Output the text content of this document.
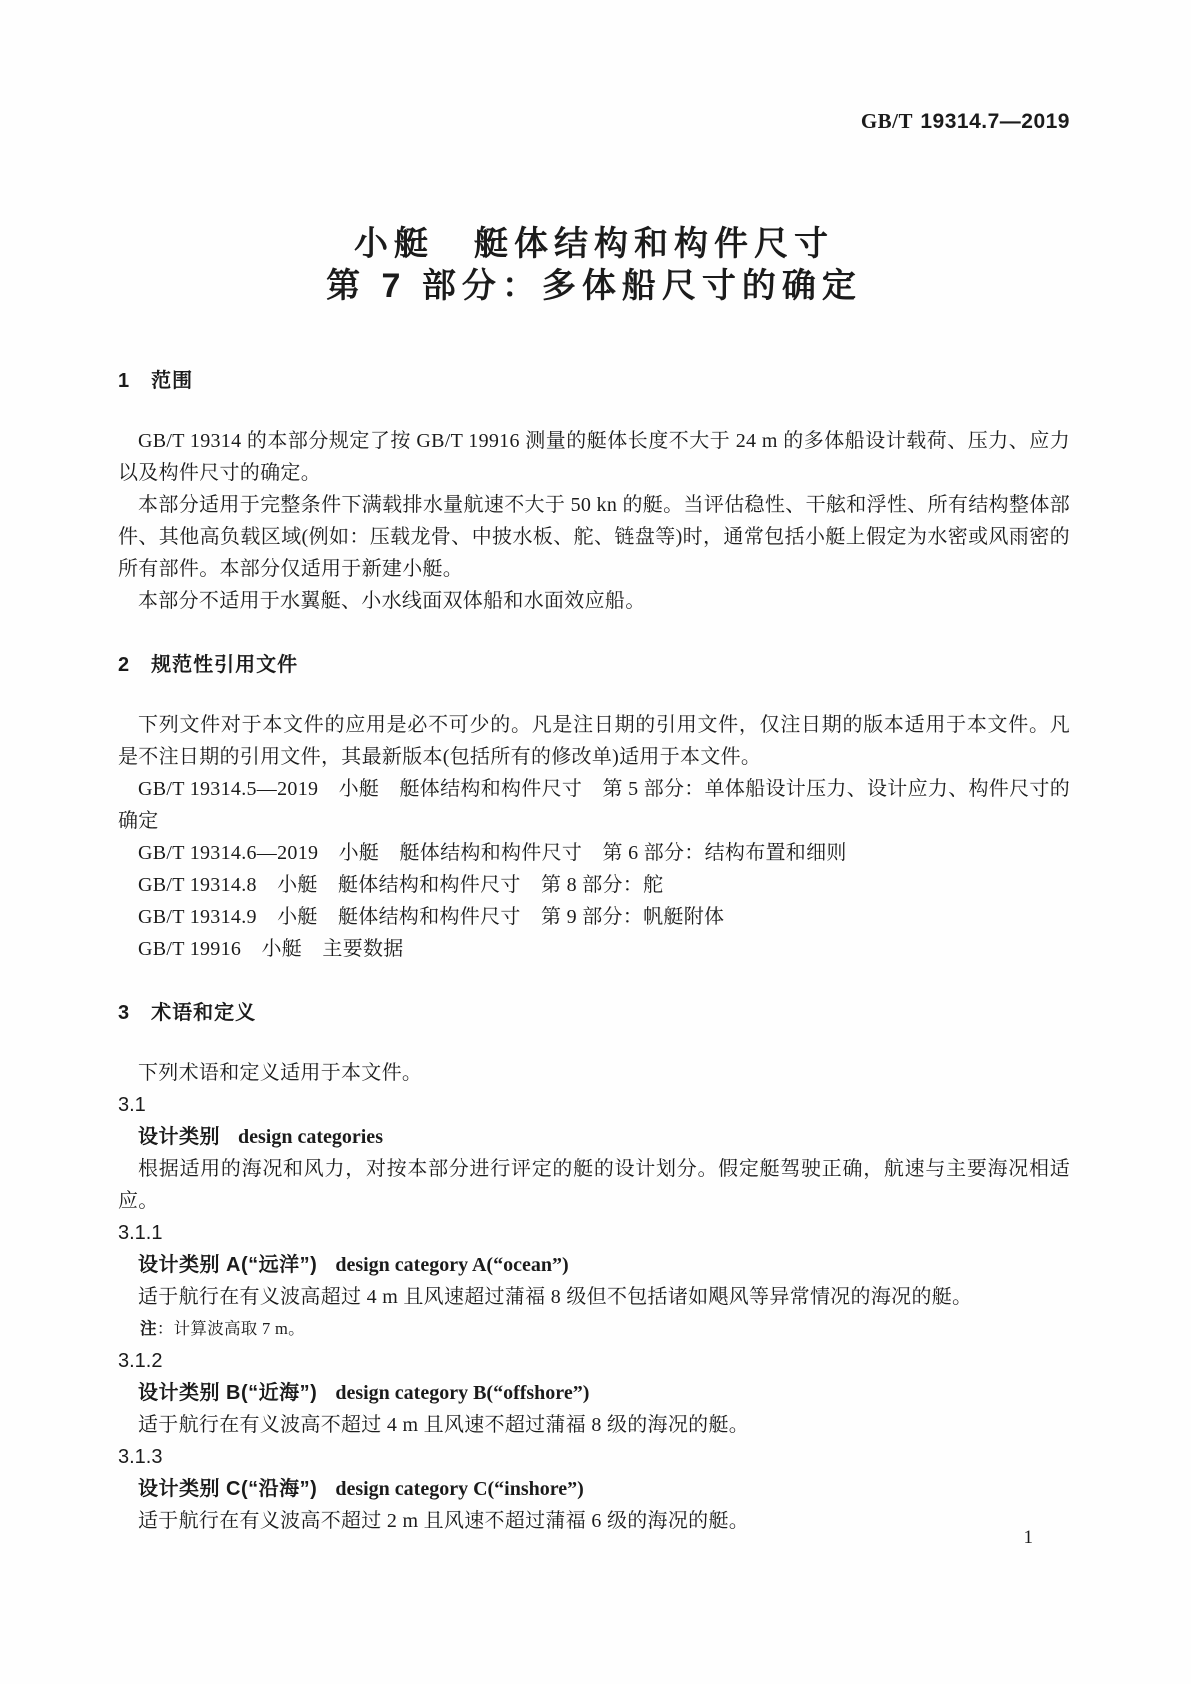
GB/T 19314.7—2019
小艇　艇体结构和构件尺寸
第 7 部分：多体船尺寸的确定
1 范围

GB/T 19314 的本部分规定了按 GB/T 19916 测量的艇体长度不大于 24 m 的多体船设计载荷、压力、应力以及构件尺寸的确定。

本部分适用于完整条件下满载排水量航速不大于 50 kn 的艇。当评估稳性、干舷和浮性、所有结构整体部件、其他高负载区域(例如：压载龙骨、中披水板、舵、链盘等)时，通常包括小艇上假定为水密或风雨密的所有部件。本部分仅适用于新建小艇。

本部分不适用于水翼艇、小水线面双体船和水面效应船。

2 规范性引用文件

下列文件对于本文件的应用是必不可少的。凡是注日期的引用文件，仅注日期的版本适用于本文件。凡是不注日期的引用文件，其最新版本(包括所有的修改单)适用于本文件。

GB/T 19314.5—2019　小艇　艇体结构和构件尺寸　第 5 部分：单体船设计压力、设计应力、构件尺寸的确定

GB/T 19314.6—2019　小艇　艇体结构和构件尺寸　第 6 部分：结构布置和细则

GB/T 19314.8　小艇　艇体结构和构件尺寸　第 8 部分：舵

GB/T 19314.9　小艇　艇体结构和构件尺寸　第 9 部分：帆艇附体

GB/T 19916　小艇　主要数据

3 术语和定义

下列术语和定义适用于本文件。

3.1

设计类别 design categories

根据适用的海况和风力，对按本部分进行评定的艇的设计划分。假定艇驾驶正确，航速与主要海况相适应。

3.1.1

设计类别 A(“远洋”) design category A(“ocean”)

适于航行在有义波高超过 4 m 且风速超过蒲福 8 级但不包括诸如飓风等异常情况的海况的艇。

注：计算波高取 7 m。

3.1.2

设计类别 B(“近海”) design category B(“offshore”)

适于航行在有义波高不超过 4 m 且风速不超过蒲福 8 级的海况的艇。

3.1.3

设计类别 C(“沿海”) design category C(“inshore”)

适于航行在有义波高不超过 2 m 且风速不超过蒲福 6 级的海况的艇。

1
